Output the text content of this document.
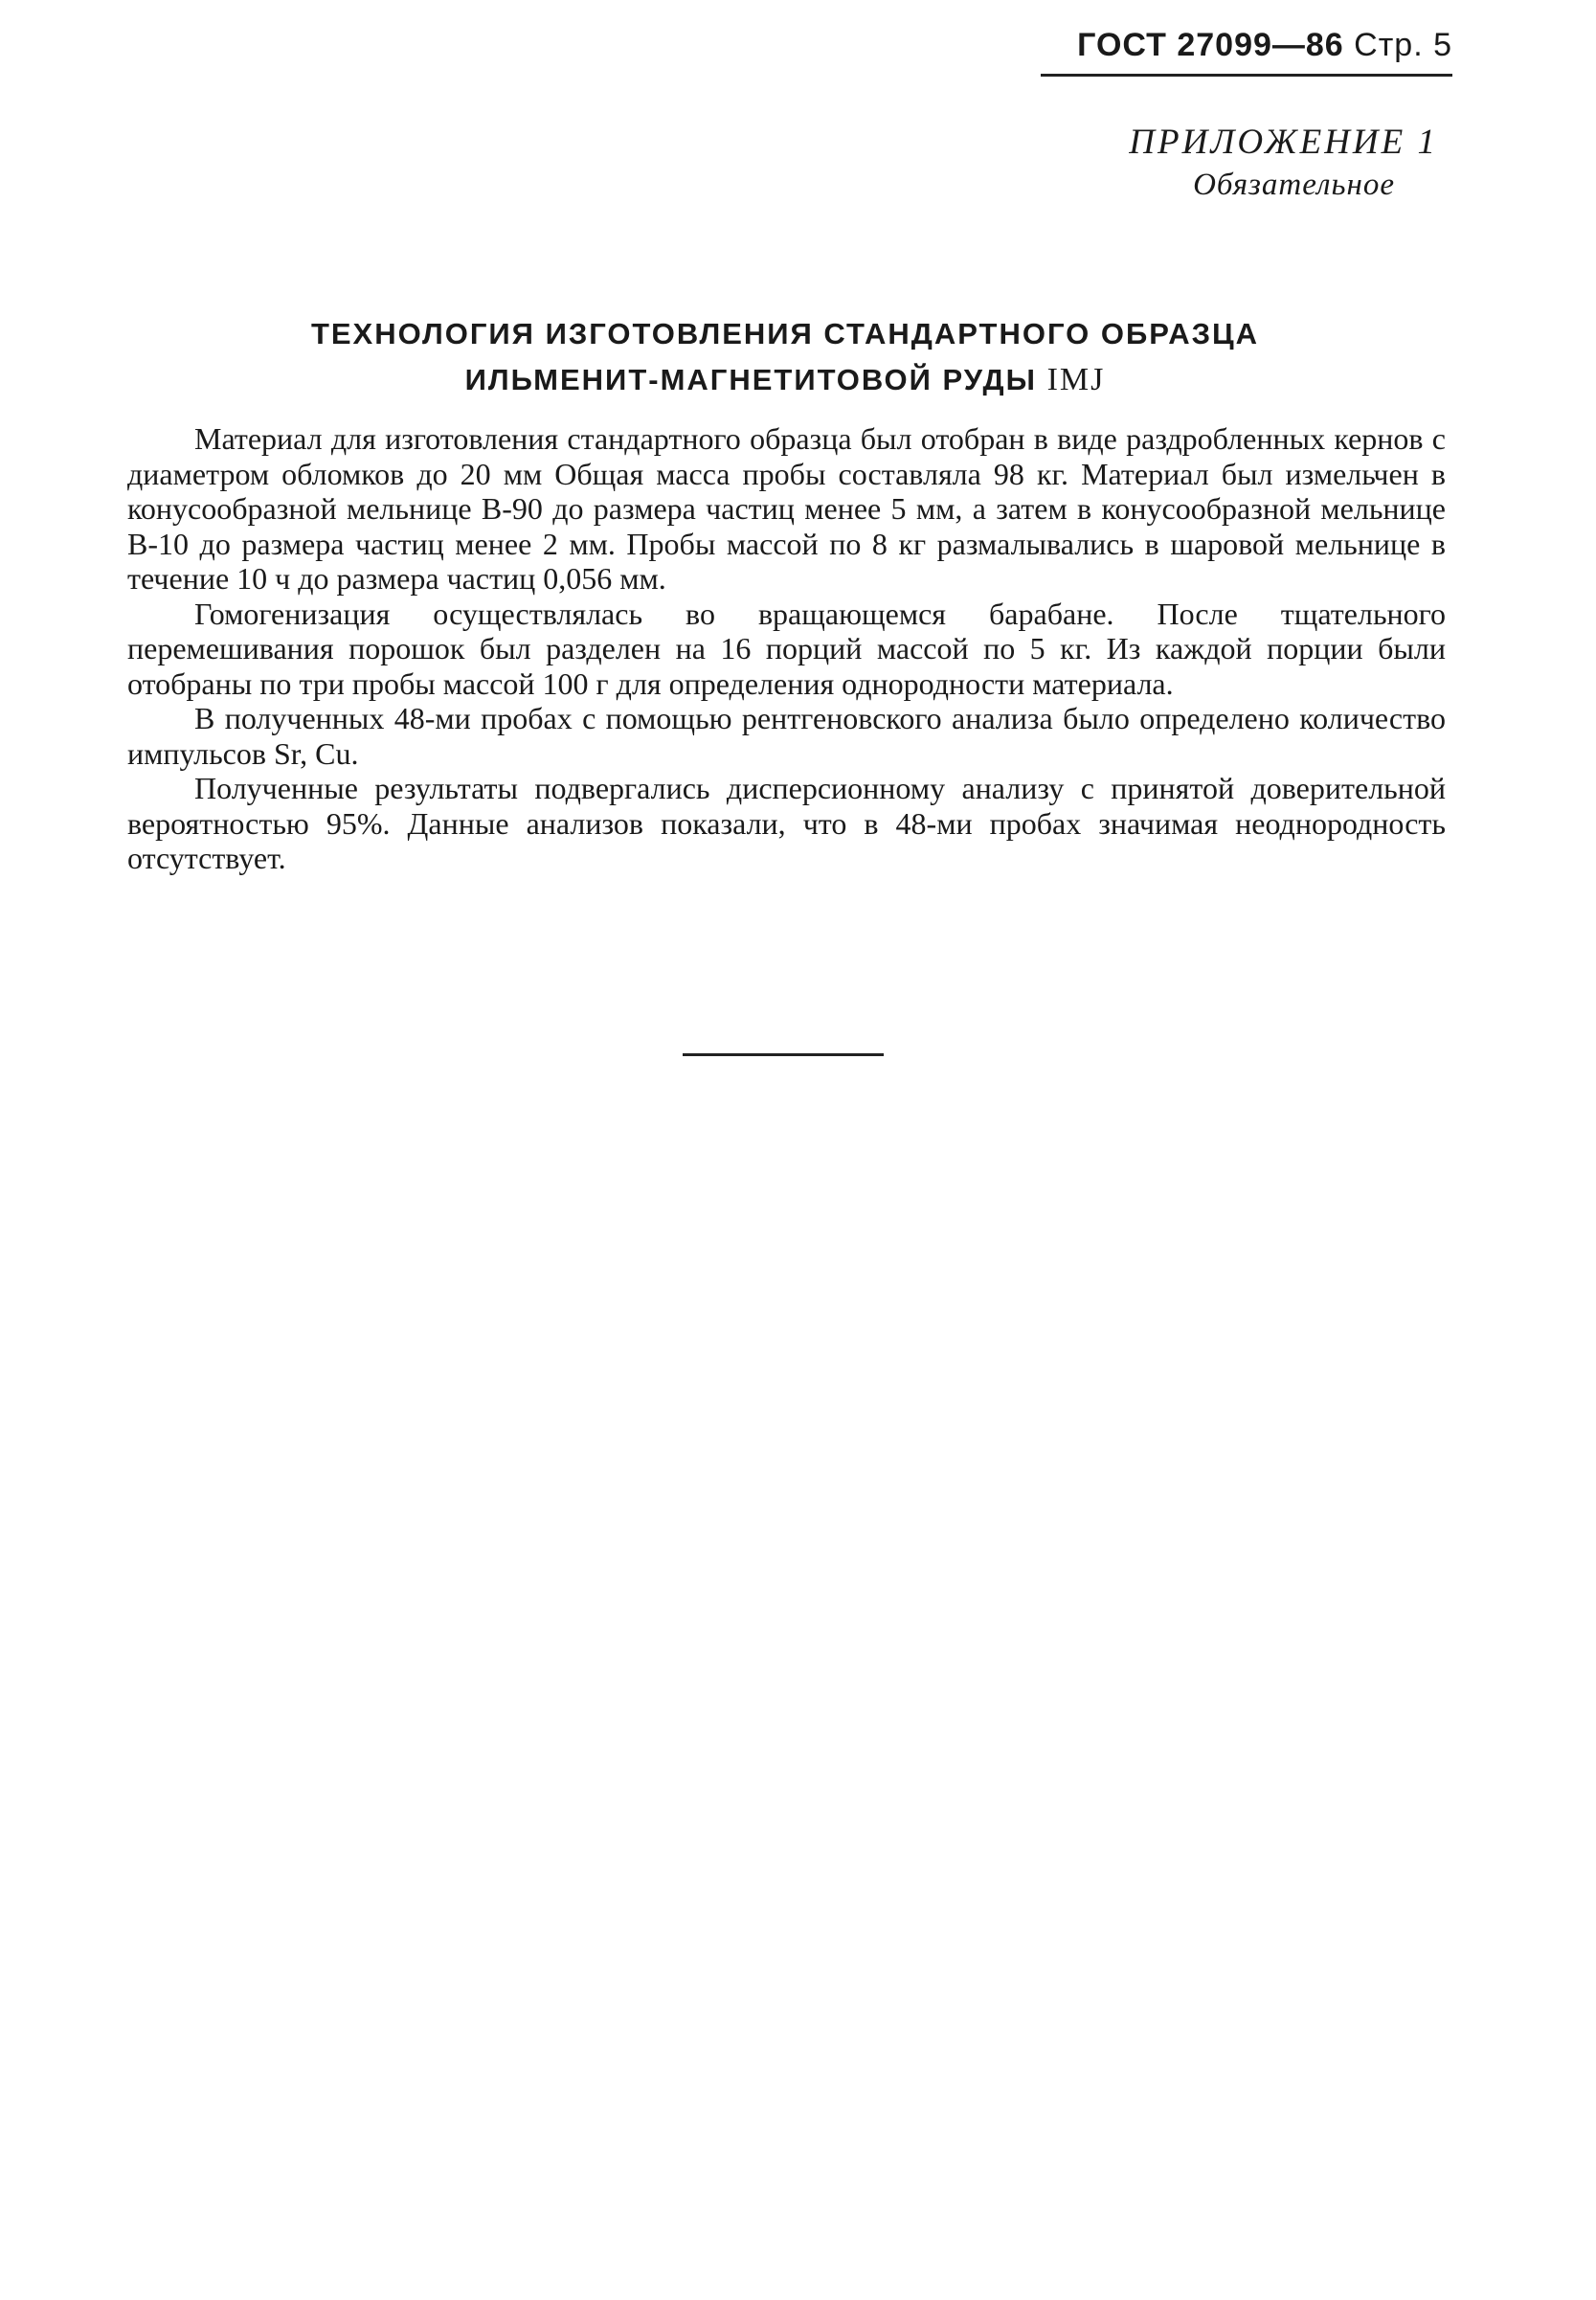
ГОСТ 27099—86 Стр. 5
ПРИЛОЖЕНИЕ 1
Обязательное
ТЕХНОЛОГИЯ ИЗГОТОВЛЕНИЯ СТАНДАРТНОГО ОБРАЗЦА
ИЛЬМЕНИТ-МАГНЕТИТОВОЙ РУДЫ IMJ

Материал для изготовления стандартного образца был отобран в виде раздробленных кернов с диаметром обломков до 20 мм Общая масса пробы составляла 98 кг. Материал был измельчен в конусообразной мельнице В-90 до размера частиц менее 5 мм, а затем в конусообразной мельнице В-10 до размера частиц менее 2 мм. Пробы массой по 8 кг размалывались в шаровой мельнице в течение 10 ч до размера частиц 0,056 мм.

Гомогенизация осуществлялась во вращающемся барабане. После тщательного перемешивания порошок был разделен на 16 порций массой по 5 кг. Из каждой порции были отобраны по три пробы массой 100 г для определения однородности материала.

В полученных 48-ми пробах с помощью рентгеновского анализа было определено количество импульсов Sr, Cu.

Полученные результаты подвергались дисперсионному анализу с принятой доверительной вероятностью 95%. Данные анализов показали, что в 48-ми пробах значимая неоднородность отсутствует.
